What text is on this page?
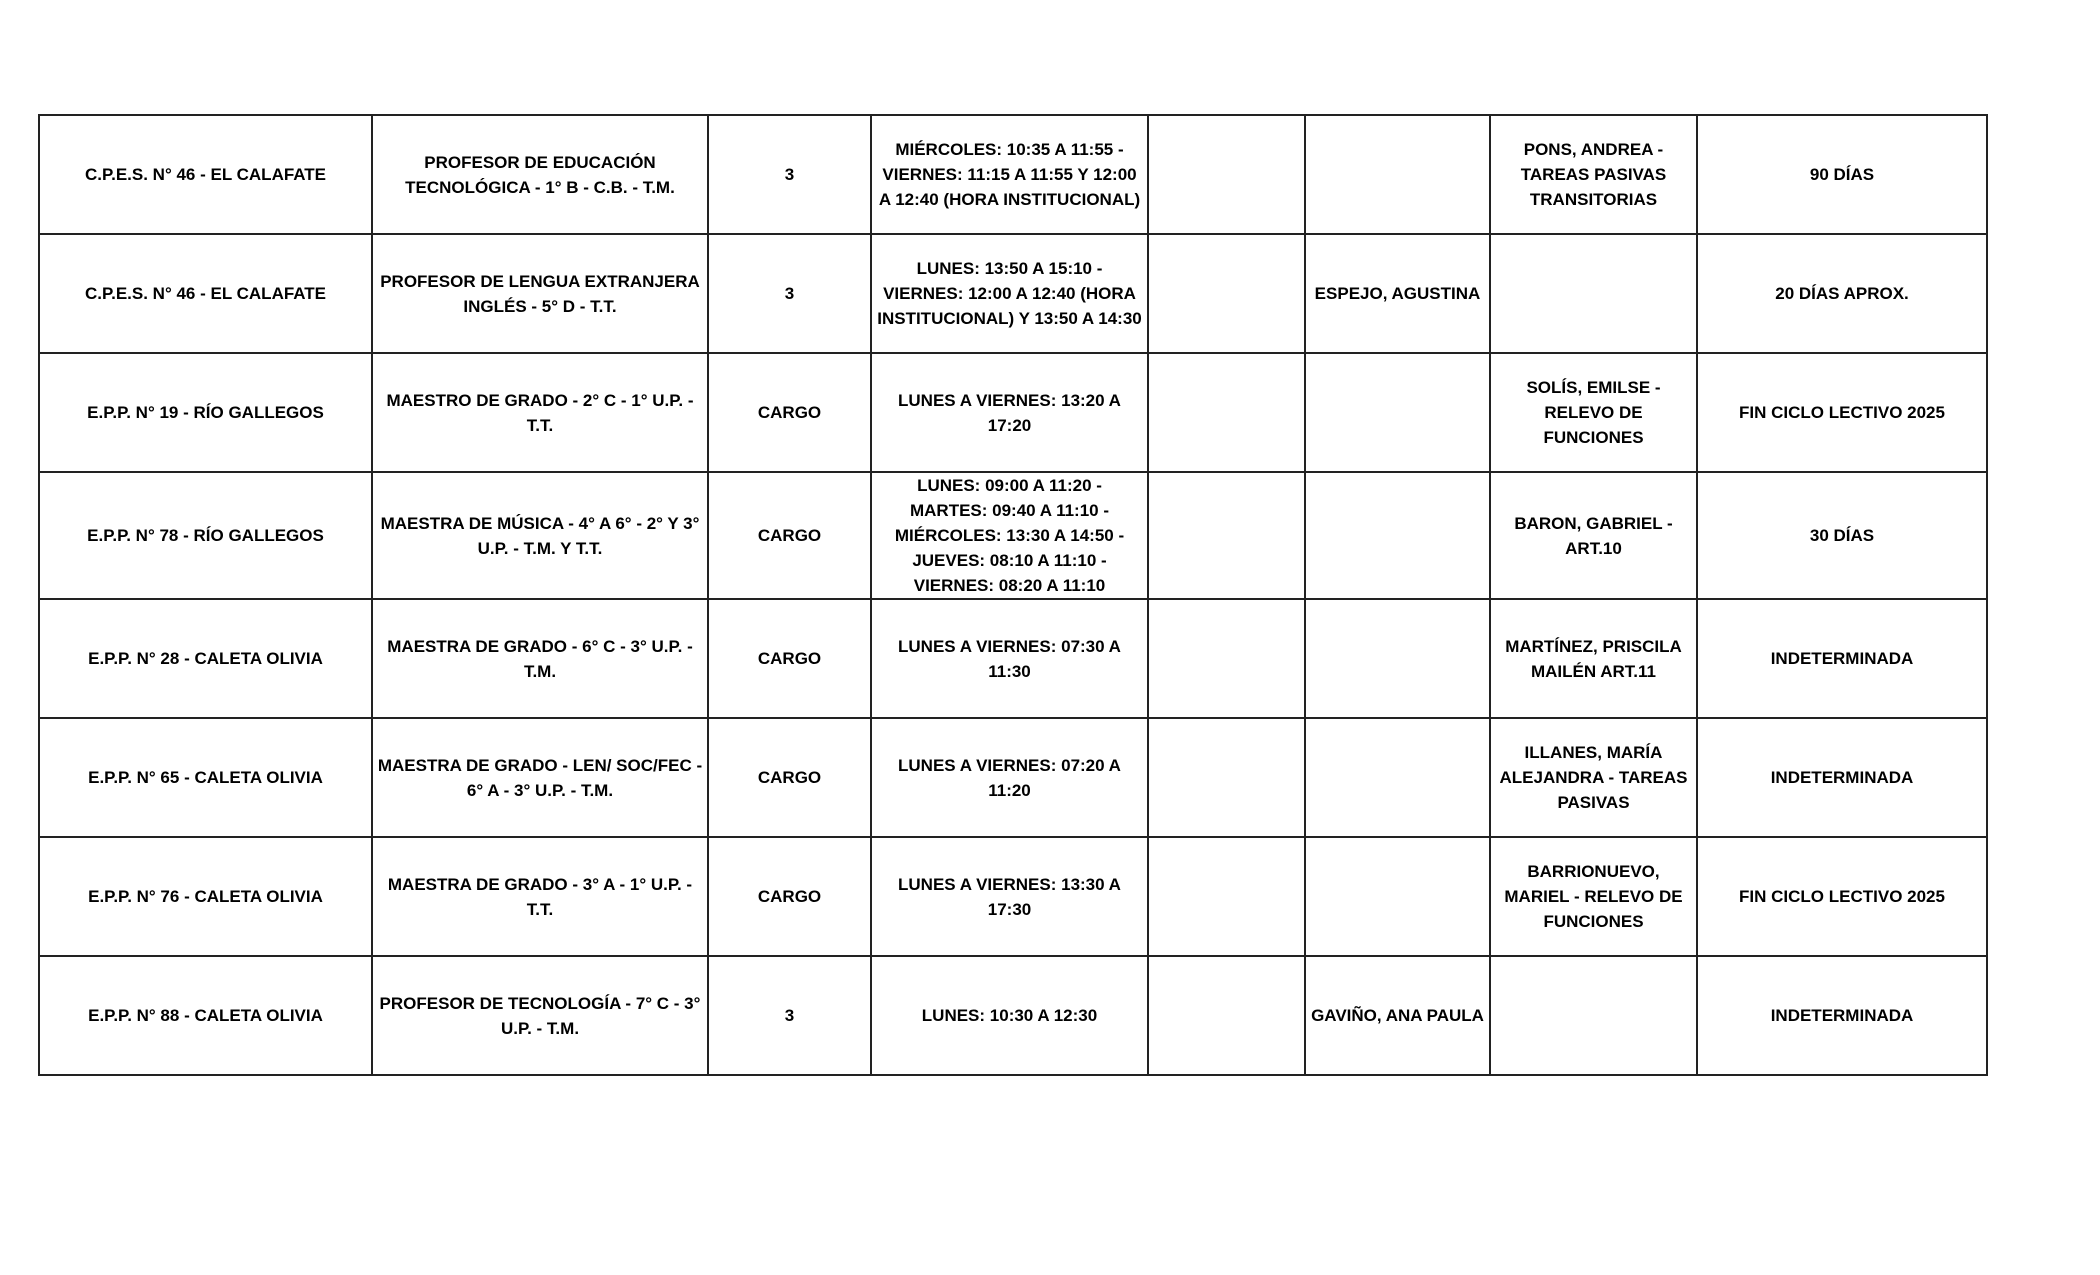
C.P.E.S. N° 46 - EL CALAFATE	PROFESOR DE EDUCACIÓN TECNOLÓGICA - 1° B - C.B. - T.M.	3	MIÉRCOLES: 10:35 A 11:55 - VIERNES: 11:15 A 11:55 Y 12:00 A 12:40 (HORA INSTITUCIONAL)			PONS, ANDREA - TAREAS PASIVAS TRANSITORIAS	90 DÍAS
C.P.E.S. N° 46 - EL CALAFATE	PROFESOR DE LENGUA EXTRANJERA INGLÉS - 5° D - T.T.	3	LUNES: 13:50 A 15:10 - VIERNES: 12:00 A 12:40 (HORA INSTITUCIONAL) Y 13:50 A 14:30		ESPEJO, AGUSTINA		20 DÍAS APROX.
E.P.P. N° 19 - RÍO GALLEGOS	MAESTRO DE GRADO - 2° C - 1° U.P. - T.T.	CARGO	LUNES A VIERNES: 13:20 A 17:20			SOLÍS, EMILSE - RELEVO DE FUNCIONES	FIN CICLO LECTIVO 2025
E.P.P. N° 78 - RÍO GALLEGOS	MAESTRA DE MÚSICA - 4° A 6° - 2° Y 3° U.P. - T.M. Y T.T.	CARGO	LUNES: 09:00 A 11:20 - MARTES: 09:40 A 11:10 - MIÉRCOLES: 13:30 A 14:50 - JUEVES: 08:10 A 11:10 - VIERNES: 08:20 A 11:10			BARON, GABRIEL - ART.10	30 DÍAS
E.P.P. N° 28 - CALETA OLIVIA	MAESTRA DE GRADO - 6° C - 3° U.P. - T.M.	CARGO	LUNES A VIERNES: 07:30 A 11:30			MARTÍNEZ, PRISCILA MAILÉN ART.11	INDETERMINADA
E.P.P. N° 65 - CALETA OLIVIA	MAESTRA DE GRADO - LEN/ SOC/FEC - 6° A - 3° U.P. - T.M.	CARGO	LUNES A VIERNES: 07:20 A 11:20			ILLANES, MARÍA ALEJANDRA - TAREAS PASIVAS	INDETERMINADA
E.P.P. N° 76 - CALETA OLIVIA	MAESTRA DE GRADO - 3° A - 1° U.P. - T.T.	CARGO	LUNES A VIERNES: 13:30 A 17:30			BARRIONUEVO, MARIEL - RELEVO DE FUNCIONES	FIN CICLO LECTIVO 2025
E.P.P. N° 88 - CALETA OLIVIA	PROFESOR DE TECNOLOGÍA - 7° C - 3° U.P. - T.M.	3	LUNES: 10:30 A 12:30		GAVIÑO, ANA PAULA		INDETERMINADA
